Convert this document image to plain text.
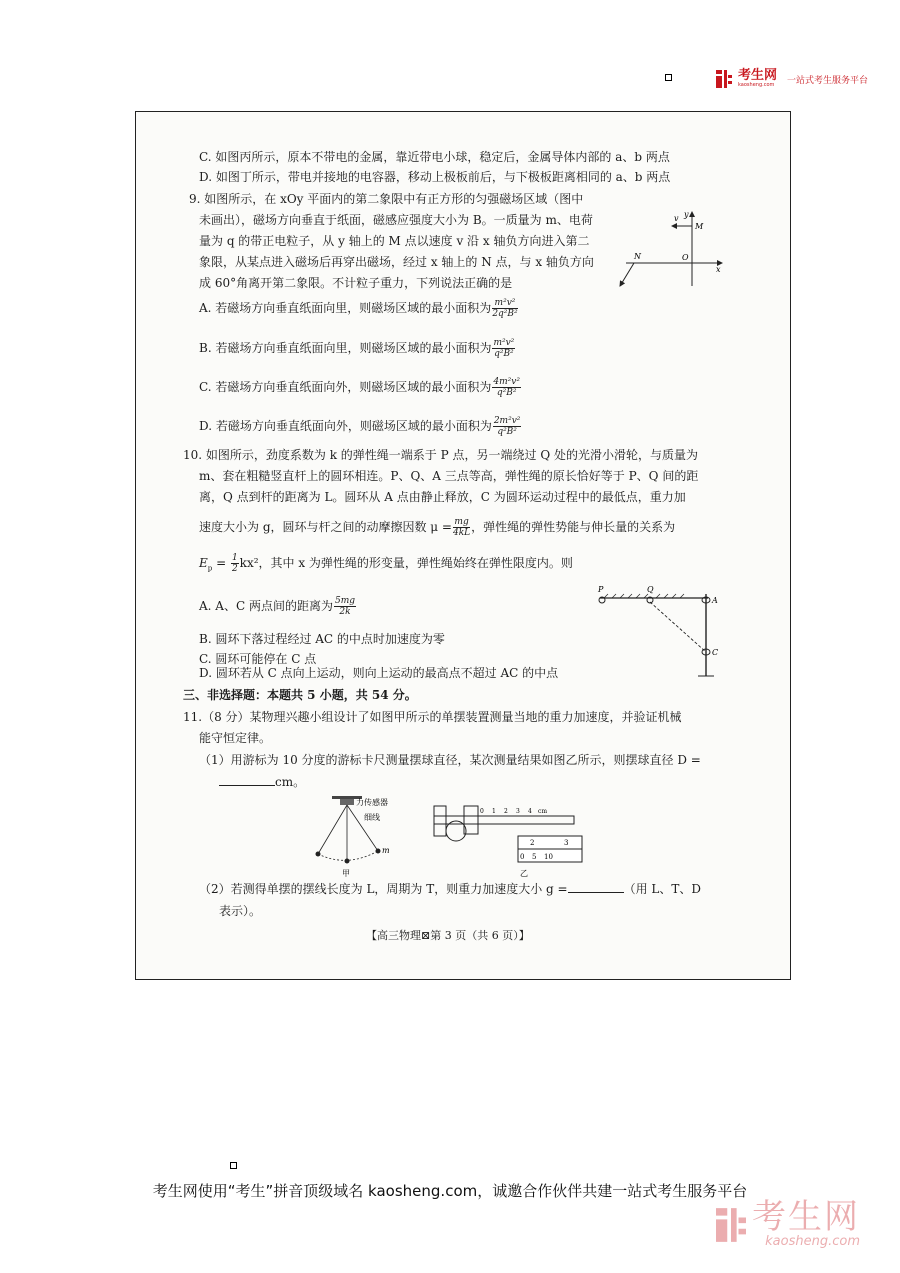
考生网
kaosheng.com 一站式考生服务平台
C. 如图丙所示，原本不带电的金属，靠近带电小球，稳定后，金属导体内部的 a、b 两点
D. 如图丁所示，带电并接地的电容器，移动上极板前后，与下极板距离相同的 a、b 两点
9. 如图所示，在 xOy 平面内的第二象限中有正方形的匀强磁场区域（图中
未画出），磁场方向垂直于纸面，磁感应强度大小为 B。一质量为 m、电荷
量为 q 的带正电粒子，从 y 轴上的 M 点以速度 v 沿 x 轴负方向进入第二
象限，从某点进入磁场后再穿出磁场，经过 x 轴上的 N 点，与 x 轴负方向
成 60°角离开第二象限。不计粒子重力，下列说法正确的是
y
v
M
N	O
x
A. 若磁场方向垂直纸面向里，则磁场区域的最小面积为 $\frac{\text{m²v²}}{\text{2q²B²}}$
B. 若磁场方向垂直纸面向里，则磁场区域的最小面积为 $\frac{\text{m²v²}}{\text{q²B²}}$
C. 若磁场方向垂直纸面向外，则磁场区域的最小面积为 $\frac{\text{4m²v²}}{\text{q²B²}}$
D. 若磁场方向垂直纸面向外，则磁场区域的最小面积为 $\frac{\text{2m²v²}}{\text{q²B²}}$
10. 如图所示，劲度系数为 k 的弹性绳一端系于 P 点，另一端绕过 Q 处的光滑小滑轮，与质量为
m、套在粗糙竖直杆上的圆环相连。P、Q、A 三点等高，弹性绳的原长恰好等于 P、Q 间的距
离，Q 点到杆的距离为 L。圆环从 A 点由静止释放，C 为圆环运动过程中的最低点，重力加
速度大小为 g，圆环与杆之间的动摩擦因数 $\mu = \frac{mg}{4kL}$ ，弹性绳的弹性势能与伸长量的关系为
$E_p = \frac{1}{2} kx^2$，其中 x 为弹性绳的形变量，弹性绳始终在弹性限度内。则
A. A、C 两点间的距离为 $\frac{5mg}{2k}$
B. 圆环下落过程经过 AC 的中点时加速度为零
C. 圆环可能停在 C 点
D. 圆环若从 C 点向上运动，则向上运动的最高点不超过 AC 的中点
P	Q
A
C
三、非选择题：本题共 5 小题，共 54 分。
11.（8 分）某物理兴趣小组设计了如图甲所示的单摆装置测量当地的重力加速度，并验证机械
能守恒定律。
（1）用游标为 10 分度的游标卡尺测量摆球直径，某次测量结果如图乙所示，则摆球直径 D =
cm。
力传感器
细线
m
甲
0 1 2 3 4 cm
2	3
0 5 10
乙
（2）若测得单摆的摆线长度为 L，周期为 T，则重力加速度大小 g =	（用 L、T、D
表示）。
【高三物理⊠第 3 页（共 6 页）】
考生网使用“考生”拼音顶级域名 kaosheng.com，诚邀合作伙伴共建一站式考生服务平台
考生网
kaosheng.com
